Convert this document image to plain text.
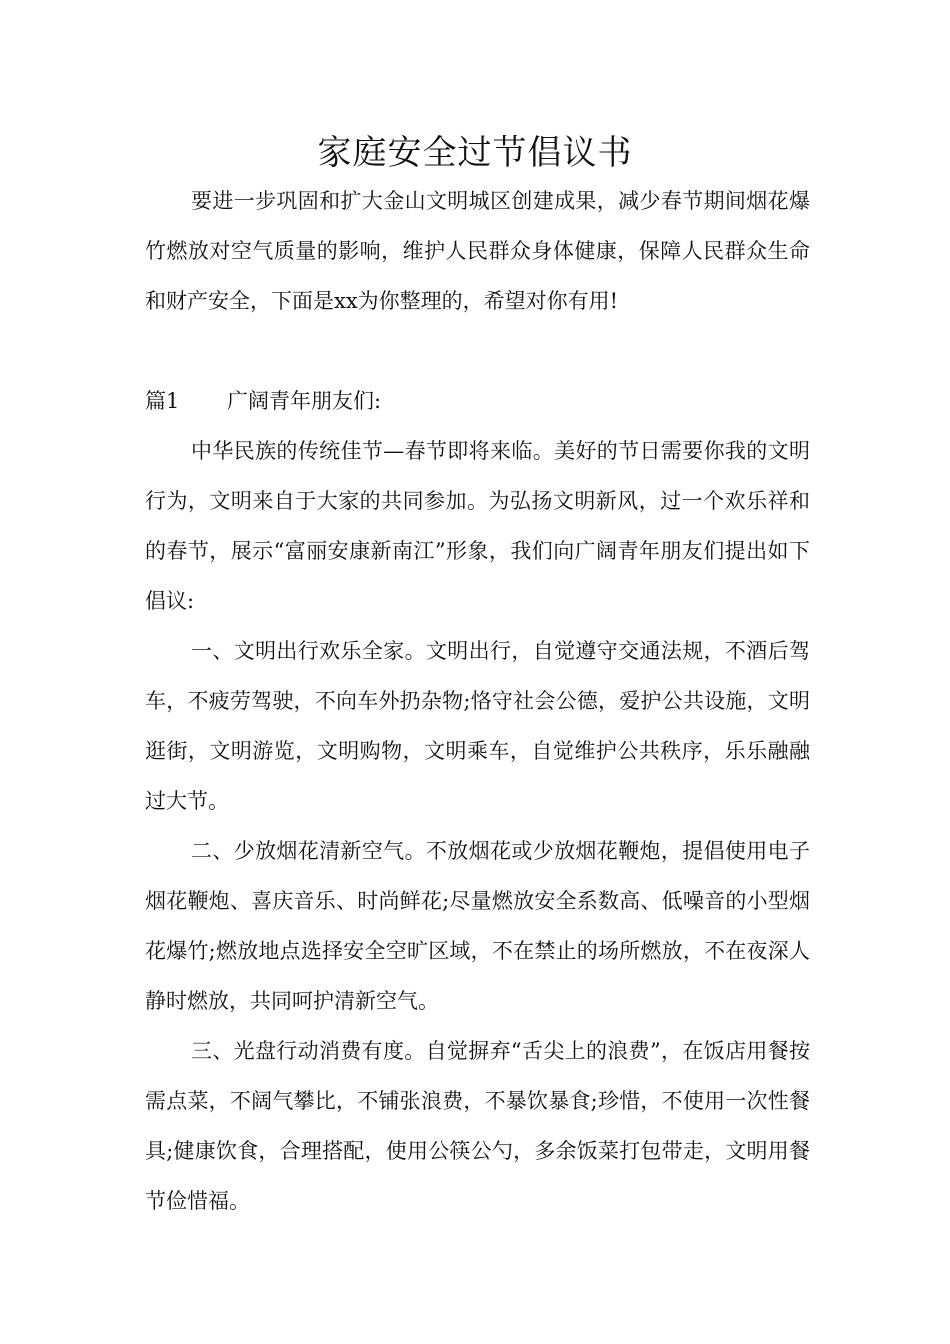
家庭安全过节倡议书

要进一步巩固和扩大金山文明城区创建成果，减少春节期间烟花爆竹燃放对空气质量的影响，维护人民群众身体健康，保障人民群众生命和财产安全，下面是xx为你整理的，希望对你有用!

篇1 广阔青年朋友们:

中华民族的传统佳节—春节即将来临。美好的节日需要你我的文明行为，文明来自于大家的共同参加。为弘扬文明新风，过一个欢乐祥和的春节，展示“富丽安康新南江”形象，我们向广阔青年朋友们提出如下倡议:

一、文明出行欢乐全家。文明出行，自觉遵守交通法规，不酒后驾车，不疲劳驾驶，不向车外扔杂物;恪守社会公德，爱护公共设施，文明逛街，文明游览，文明购物，文明乘车，自觉维护公共秩序，乐乐融融过大节。

二、少放烟花清新空气。不放烟花或少放烟花鞭炮，提倡使用电子烟花鞭炮、喜庆音乐、时尚鲜花;尽量燃放安全系数高、低噪音的小型烟花爆竹;燃放地点选择安全空旷区域，不在禁止的场所燃放，不在夜深人静时燃放，共同呵护清新空气。

三、光盘行动消费有度。自觉摒弃“舌尖上的浪费”，在饭店用餐按需点菜，不阔气攀比，不铺张浪费，不暴饮暴食;珍惜，不使用一次性餐具;健康饮食，合理搭配，使用公筷公勺，多余饭菜打包带走，文明用餐节俭惜福。
